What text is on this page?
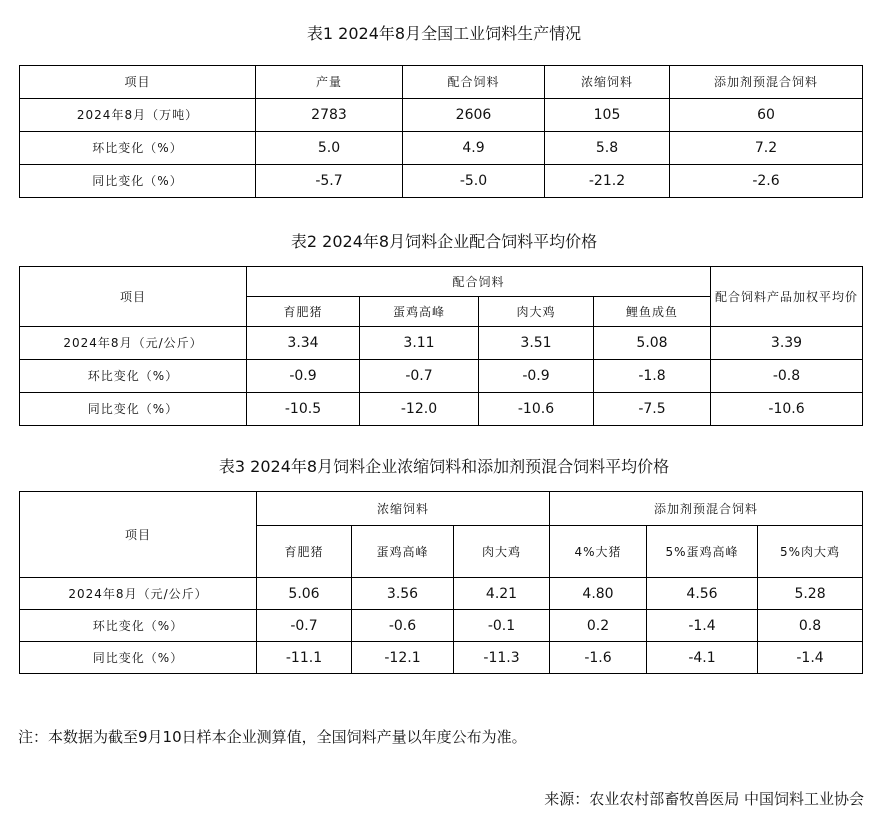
表1 2024年8月全国工业饲料生产情况
项目	产量	配合饲料	浓缩饲料	添加剂预混合饲料
2024年8月（万吨）	2783	2606	105	60
环比变化（%）	5.0	4.9	5.8	7.2
同比变化（%）	-5.7	-5.0	-21.2	-2.6
表2 2024年8月饲料企业配合饲料平均价格
项目	配合饲料				配合饲料产品加权平均价
	育肥猪	蛋鸡高峰	肉大鸡	鲤鱼成鱼	
2024年8月（元/公斤）	3.34	3.11	3.51	5.08	3.39
环比变化（%）	-0.9	-0.7	-0.9	-1.8	-0.8
同比变化（%）	-10.5	-12.0	-10.6	-7.5	-10.6
表3 2024年8月饲料企业浓缩饲料和添加剂预混合饲料平均价格
项目	浓缩饲料			添加剂预混合饲料		
	育肥猪	蛋鸡高峰	肉大鸡	4%大猪	5%蛋鸡高峰	5%肉大鸡
2024年8月（元/公斤）	5.06	3.56	4.21	4.80	4.56	5.28
环比变化（%）	-0.7	-0.6	-0.1	0.2	-1.4	0.8
同比变化（%）	-11.1	-12.1	-11.3	-1.6	-4.1	-1.4
注：本数据为截至9月10日样本企业测算值，全国饲料产量以年度公布为准。
来源：农业农村部畜牧兽医局 中国饲料工业协会
